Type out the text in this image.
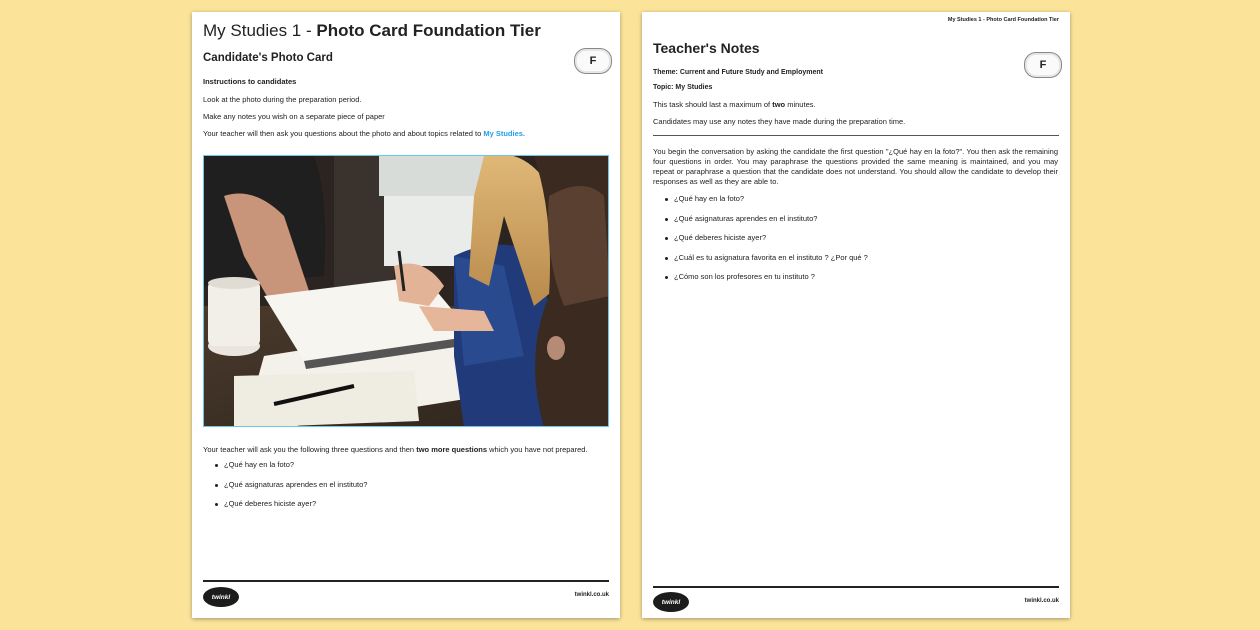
My Studies 1 - Photo Card Foundation Tier
Candidate's Photo Card	F
Instructions to candidates
Look at the photo during the preparation period.
Make any notes you wish on a separate piece of paper
Your teacher will then ask you questions about the photo and about topics related to My Studies.
Your teacher will ask you the following three questions and then two more questions which you have not prepared.
¿Qué hay en la foto?
¿Qué asignaturas aprendes en el instituto?
¿Qué deberes hiciste ayer?
twinkl	twinkl.co.uk
My Studies 1 - Photo Card Foundation Tier
Teacher's Notes
F
Theme: Current and Future Study and Employment
Topic: My Studies
This task should last a maximum of two minutes.
Candidates may use any notes they have made during the preparation time.
You begin the conversation by asking the candidate the first question "¿Qué hay en la foto?". You then ask the remaining four questions in order. You may paraphrase the questions provided the same meaning is maintained, and you may repeat or paraphrase a question that the candidate does not understand. You should allow the candidate to develop their responses as well as they are able to.
¿Qué hay en la foto?
¿Qué asignaturas aprendes en el instituto?
¿Qué deberes hiciste ayer?
¿Cuál es tu asignatura favorita en el instituto ? ¿Por qué ?
¿Cómo son los profesores en tu instituto ?
twinkl	twinkl.co.uk
